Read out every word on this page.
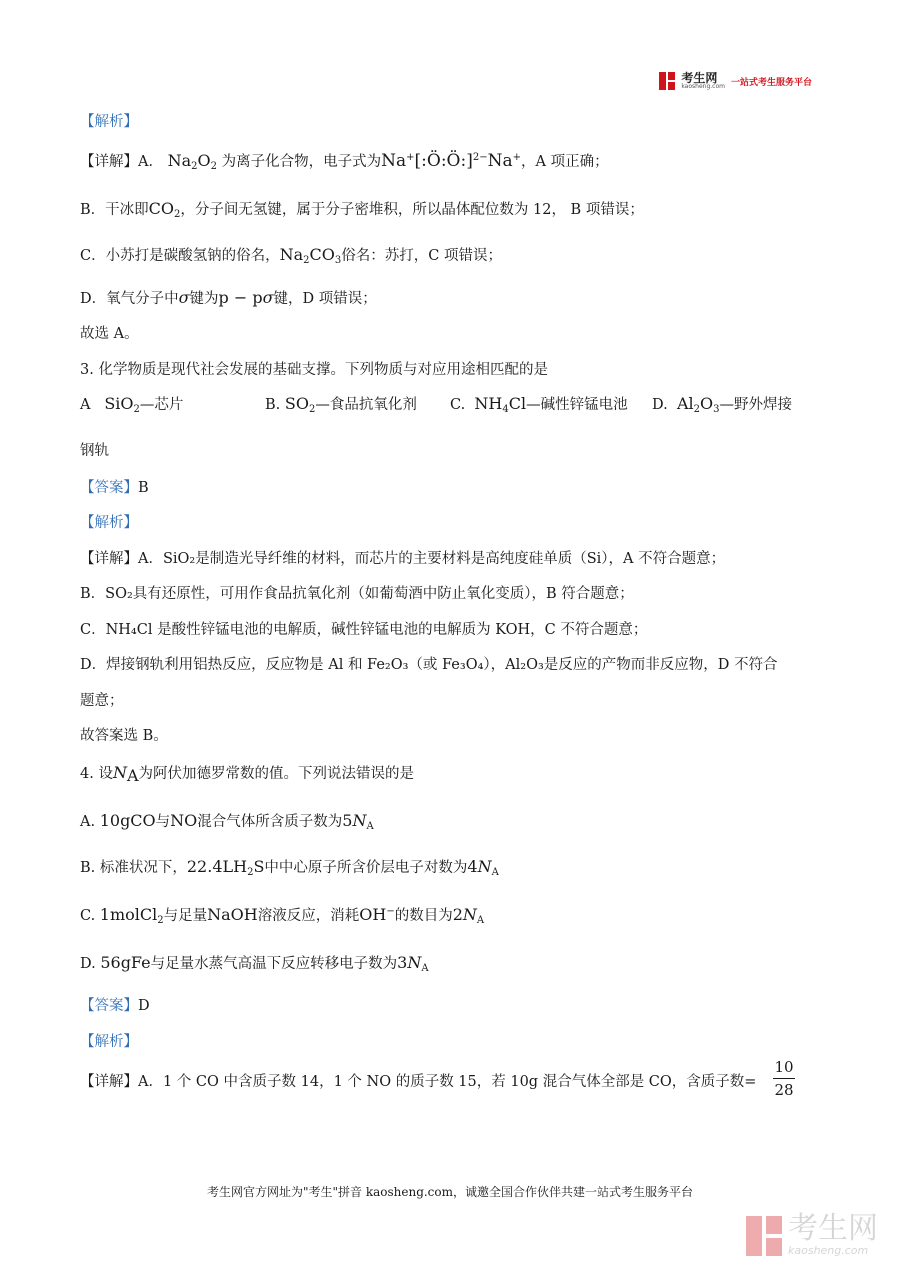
考生网
kaosheng.com 一站式考生服务平台
【解析】
【详解】A． $Na_2O_2$ 为离子化合物，电子式为Na+[:Ö:Ö:]$^{2-}$Na+，A 项正确；
B．干冰即$CO_2$，分子间无氢键，属于分子密堆积，所以晶体配位数为 12， B 项错误；
C．小苏打是碳酸氢钠的俗名，$Na_2CO_3$俗名：苏打，C 项错误；
D．氧气分子中σ键为p − pσ键，D 项错误；
故选 A。
3. 化学物质是现代社会发展的基础支撑。下列物质与对应用途相匹配的是
A SiO$_2$—芯片	B. $SO_2—$食品抗氧化剂 C. $NH_4Cl—$碱性锌锰电池 D. $Al_2O_3—$野外焊接
钢轨
【答案】B
【解析】
【详解】A．SiO₂是制造光导纤维的材料，而芯片的主要材料是高纯度硅单质（Si），A 不符合题意；
B．SO₂具有还原性，可用作食品抗氧化剂（如葡萄酒中防止氧化变质），B 符合题意；
C．NH₄Cl 是酸性锌锰电池的电解质，碱性锌锰电池的电解质为 KOH，C 不符合题意；
D．焊接钢轨利用铝热反应，反应物是 Al 和 Fe₂O₃（或 Fe₃O₄），Al₂O₃是反应的产物而非反应物，D 不符合
题意；
故答案选 B。
4. 设$N_A$为阿伏加德罗常数的值。下列说法错误的是
A. 10gCO与NO混合气体所含质子数为$5N_A$
B. 标准状况下，$22.4LH_2S$中中心原子所含价层电子对数为$4N_A$
C. 1molCl$_2$与足量NaOH溶液反应，消耗OH−的数目为$2N_A$
D. 56gFe与足量水蒸气高温下反应转移电子数为$3N_A$
【答案】D
【解析】
【详解】A．1 个 CO 中含质子数 14，1 个 NO 的质子数 15，若 10g 混合气体全部是 CO，含质子数=
10
28
考生网官方网址为"考生"拼音 kaosheng.com，诚邀全国合作伙伴共建一站式考生服务平台
考生网
kaosheng.com
